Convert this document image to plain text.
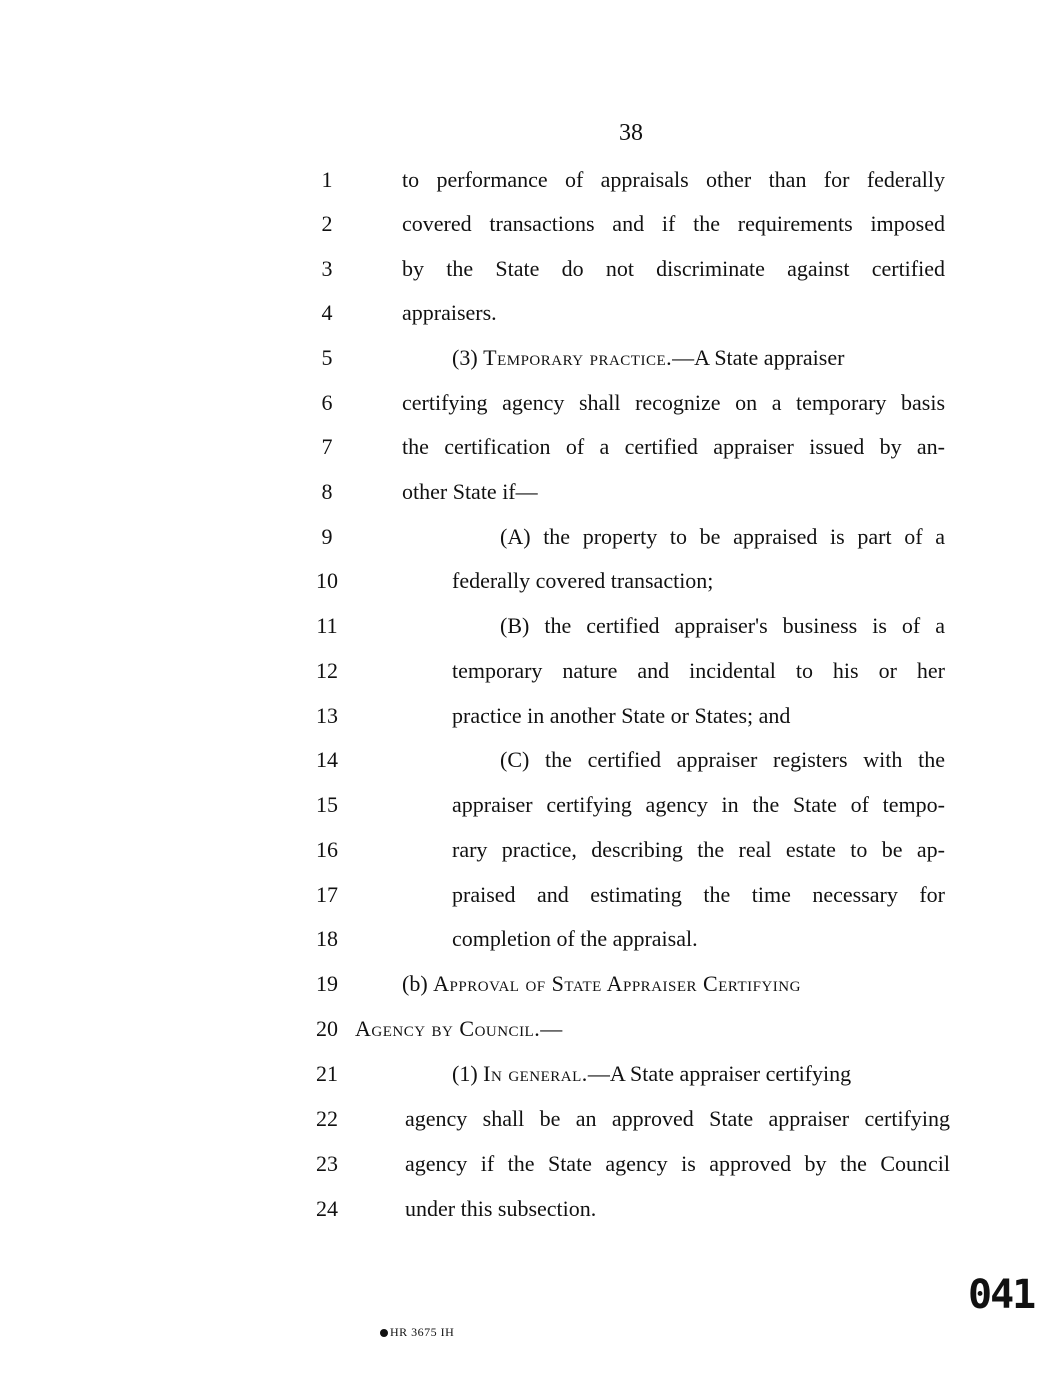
38
1
2
3
4
5
6
7
8
9
10
11
12
13
14
15
16
17
18
19
20
21
22
23
24
to performance of appraisals other than for federally
covered transactions and if the requirements imposed
by the State do not discriminate against certified
appraisers.
(3) Temporary practice.—A State appraiser
certifying agency shall recognize on a temporary basis
the certification of a certified appraiser issued by an-
other State if—
(A) the property to be appraised is part of a
federally covered transaction;
(B) the certified appraiser's business is of a
temporary nature and incidental to his or her
practice in another State or States; and
(C) the certified appraiser registers with the
appraiser certifying agency in the State of tempo-
rary practice, describing the real estate to be ap-
praised and estimating the time necessary for
completion of the appraisal.
(b) Approval of State Appraiser Certifying
Agency by Council.—
(1) In general.—A State appraiser certifying
agency shall be an approved State appraiser certifying
agency if the State agency is approved by the Council
under this subsection.
041
HR 3675 IH
